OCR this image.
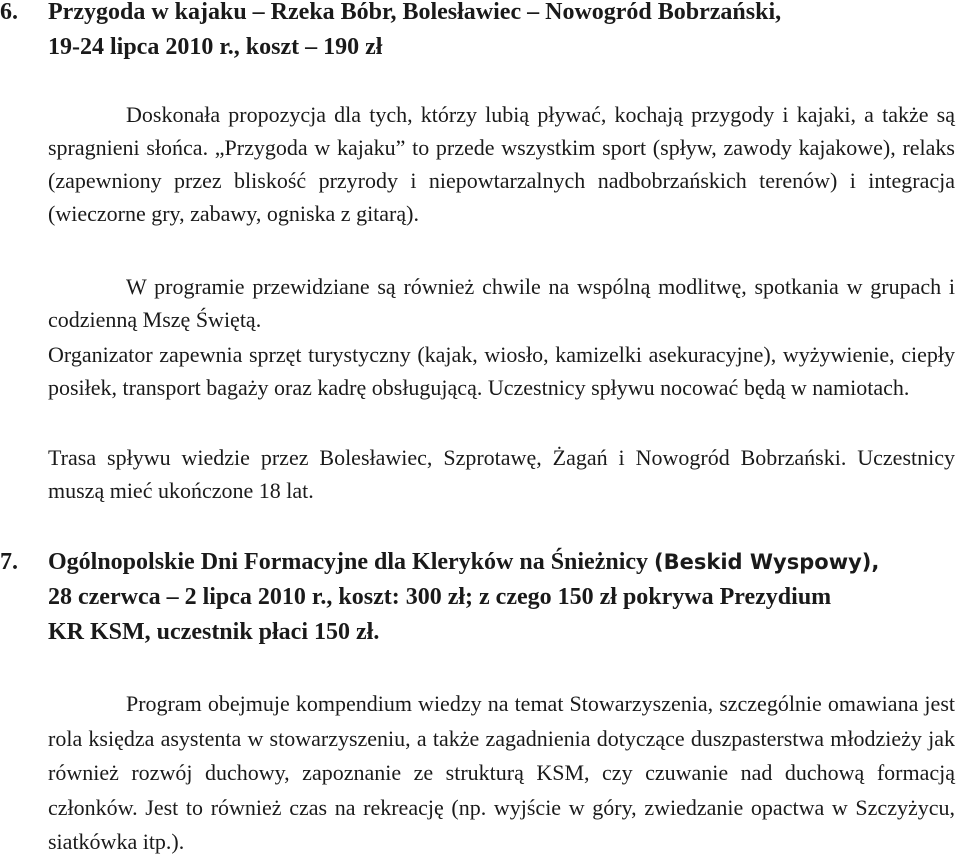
6. Przygoda w kajaku – Rzeka Bóbr, Bolesławiec – Nowogród Bobrzański,
19-24 lipca 2010 r., koszt – 190 zł

Doskonała propozycja dla tych, którzy lubią pływać, kochają przygody i kajaki, a także są spragnieni słońca. „Przygoda w kajaku” to przede wszystkim sport (spływ, zawody kajakowe), relaks (zapewniony przez bliskość przyrody i niepowtarzalnych nadbobrzańskich terenów) i integracja (wieczorne gry, zabawy, ogniska z gitarą).

W programie przewidziane są również chwile na wspólną modlitwę, spotkania w grupach i codzienną Mszę Świętą.

Organizator zapewnia sprzęt turystyczny (kajak, wiosło, kamizelki asekuracyjne), wyżywienie, ciepły posiłek, transport bagaży oraz kadrę obsługującą. Uczestnicy spływu nocować będą w namiotach.

Trasa spływu wiedzie przez Bolesławiec, Szprotawę, Żagań i Nowogród Bobrzański. Uczestnicy muszą mieć ukończone 18 lat.

7. Ogólnopolskie Dni Formacyjne dla Kleryków na Śnieżnicy (Beskid Wyspowy),
28 czerwca – 2 lipca 2010 r., koszt: 300 zł; z czego 150 zł pokrywa Prezydium
KR KSM, uczestnik płaci 150 zł.

Program obejmuje kompendium wiedzy na temat Stowarzyszenia, szczególnie omawiana jest rola księdza asystenta w stowarzyszeniu, a także zagadnienia dotyczące duszpasterstwa młodzieży jak również rozwój duchowy, zapoznanie ze strukturą KSM, czy czuwanie nad duchową formacją członków. Jest to również czas na rekreację (np. wyjście w góry, zwiedzanie opactwa w Szczyżycu, siatkówka itp.).
